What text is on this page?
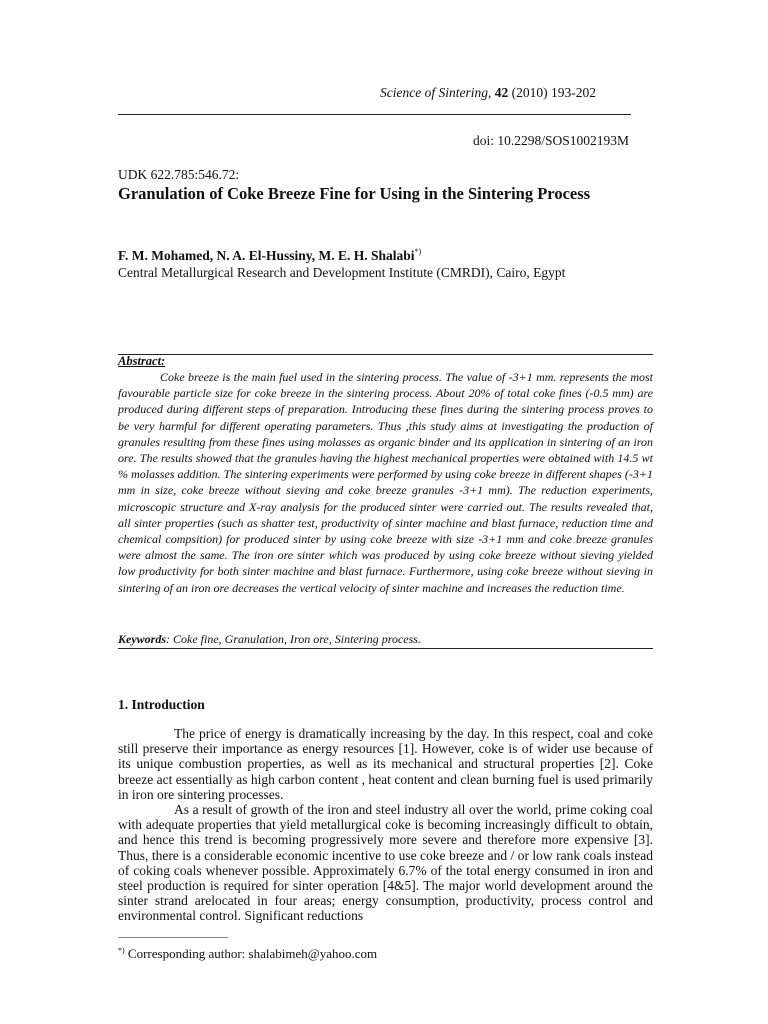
Science of Sintering, 42 (2010) 193-202
doi: 10.2298/SOS1002193M
UDK 622.785:546.72:
Granulation of Coke Breeze Fine for Using in the Sintering Process
F. M. Mohamed, N. A. El-Hussiny, M. E. H. Shalabi*)
Central Metallurgical Research and Development Institute (CMRDI), Cairo, Egypt
Abstract:

Coke breeze is the main fuel used in the sintering process. The value of -3+1 mm. represents the most favourable particle size for coke breeze in the sintering process. About 20% of total coke fines (-0.5 mm) are produced during different steps of preparation. Introducing these fines during the sintering process proves to be very harmful for different operating parameters. Thus ,this study aims at investigating the production of granules resulting from these fines using molasses as organic binder and its application in sintering of an iron ore. The results showed that the granules having the highest mechanical properties were obtained with 14.5 wt % molasses addition. The sintering experiments were performed by using coke breeze in different shapes (-3+1 mm in size, coke breeze without sieving and coke breeze granules -3+1 mm). The reduction experiments, microscopic structure and X-ray analysis for the produced sinter were carried out. The results revealed that, all sinter properties (such as shatter test, productivity of sinter machine and blast furnace, reduction time and chemical compsition) for produced sinter by using coke breeze with size -3+1 mm and coke breeze granules were almost the same. The iron ore sinter which was produced by using coke breeze without sieving yielded low productivity for both sinter machine and blast furnace. Furthermore, using coke breeze without sieving in sintering of an iron ore decreases the vertical velocity of sinter machine and increases the reduction time.

Keywords: Coke fine, Granulation, Iron ore, Sintering process.
1. Introduction

The price of energy is dramatically increasing by the day. In this respect, coal and coke still preserve their importance as energy resources [1]. However, coke is of wider use because of its unique combustion properties, as well as its mechanical and structural properties [2]. Coke breeze act essentially as high carbon content , heat content and clean burning fuel is used primarily in iron ore sintering processes.

As a result of growth of the iron and steel industry all over the world, prime coking coal with adequate properties that yield metallurgical coke is becoming increasingly difficult to obtain, and hence this trend is becoming progressively more severe and therefore more expensive [3]. Thus, there is a considerable economic incentive to use coke breeze and / or low rank coals instead of coking coals whenever possible. Approximately 6.7% of the total energy consumed in iron and steel production is required for sinter operation [4&5]. The major world development around the sinter strand arelocated in four areas; energy consumption, productivity, process control and environmental control. Significant reductions

*) Corresponding author: shalabimeh@yahoo.com
